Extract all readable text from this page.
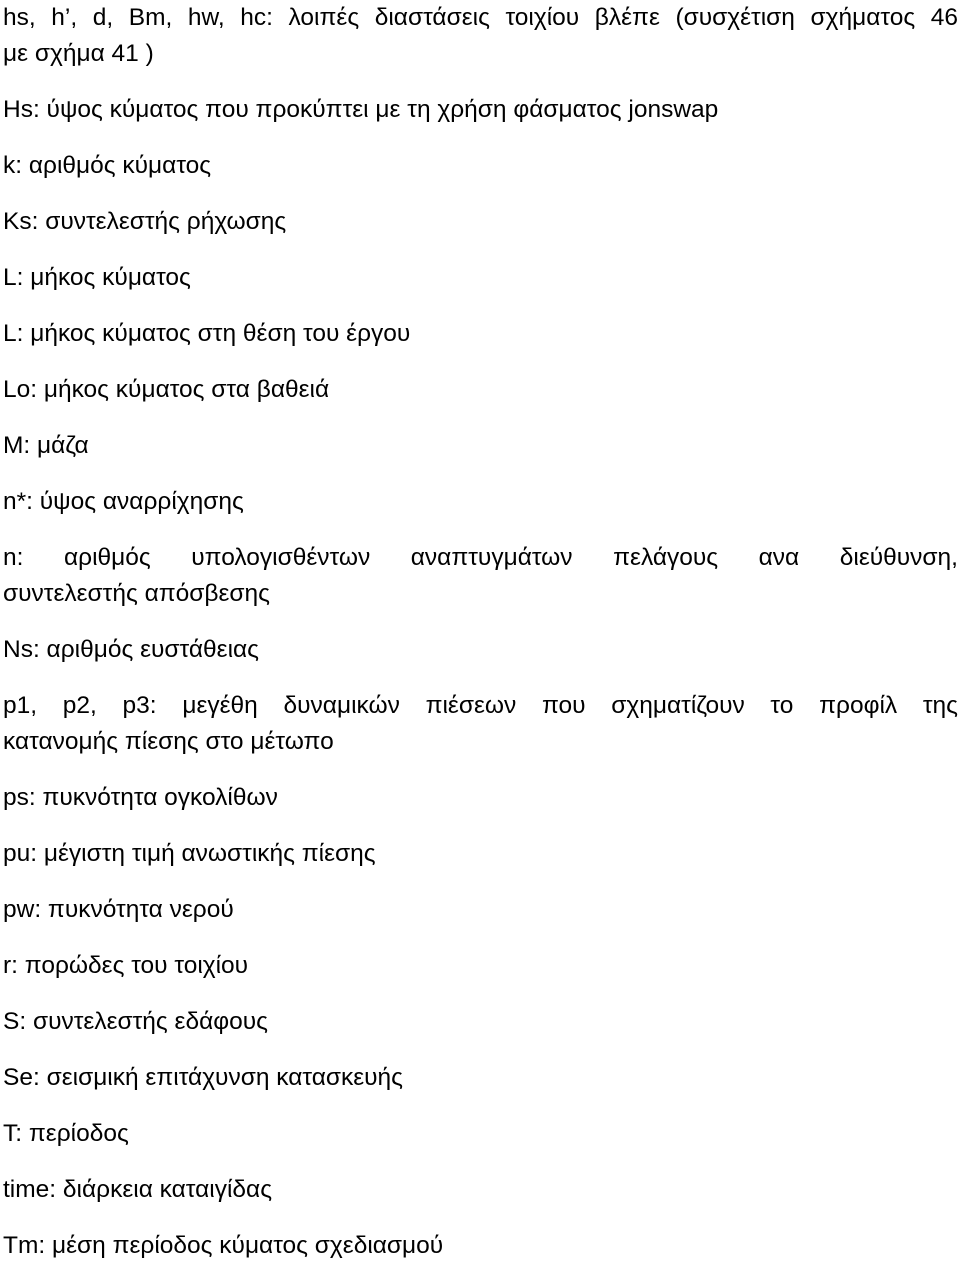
hs, h’, d, Bm, hw, hc: λοιπές διαστάσεις τοιχίου βλέπε (συσχέτιση σχήματος 46
με σχήμα 41 )

Hs: ύψος κύματος που προκύπτει με τη χρήση φάσματος jonswap

k: αριθμός κύματος

Ks: συντελεστής ρήχωσης

L: μήκος κύματος

L: μήκος κύματος στη θέση του έργου

Lo: μήκος κύματος στα βαθειά

M: μάζα

n*: ύψος αναρρίχησης

n: αριθμός υπολογισθέντων αναπτυγμάτων πελάγους ανα διεύθυνση,
συντελεστής απόσβεσης

Ns: αριθμός ευστάθειας

p1, p2, p3: μεγέθη δυναμικών πιέσεων που σχηματίζουν το προφίλ της
κατανομής πίεσης στο μέτωπο

ps: πυκνότητα ογκολίθων

pu: μέγιστη τιμή ανωστικής πίεσης

pw: πυκνότητα νερού

r: πορώδες του τοιχίου

S: συντελεστής εδάφους

Se: σεισμική επιτάχυνση κατασκευής

T: περίοδος

time: διάρκεια καταιγίδας

Tm: μέση περίοδος κύματος σχεδιασμού
